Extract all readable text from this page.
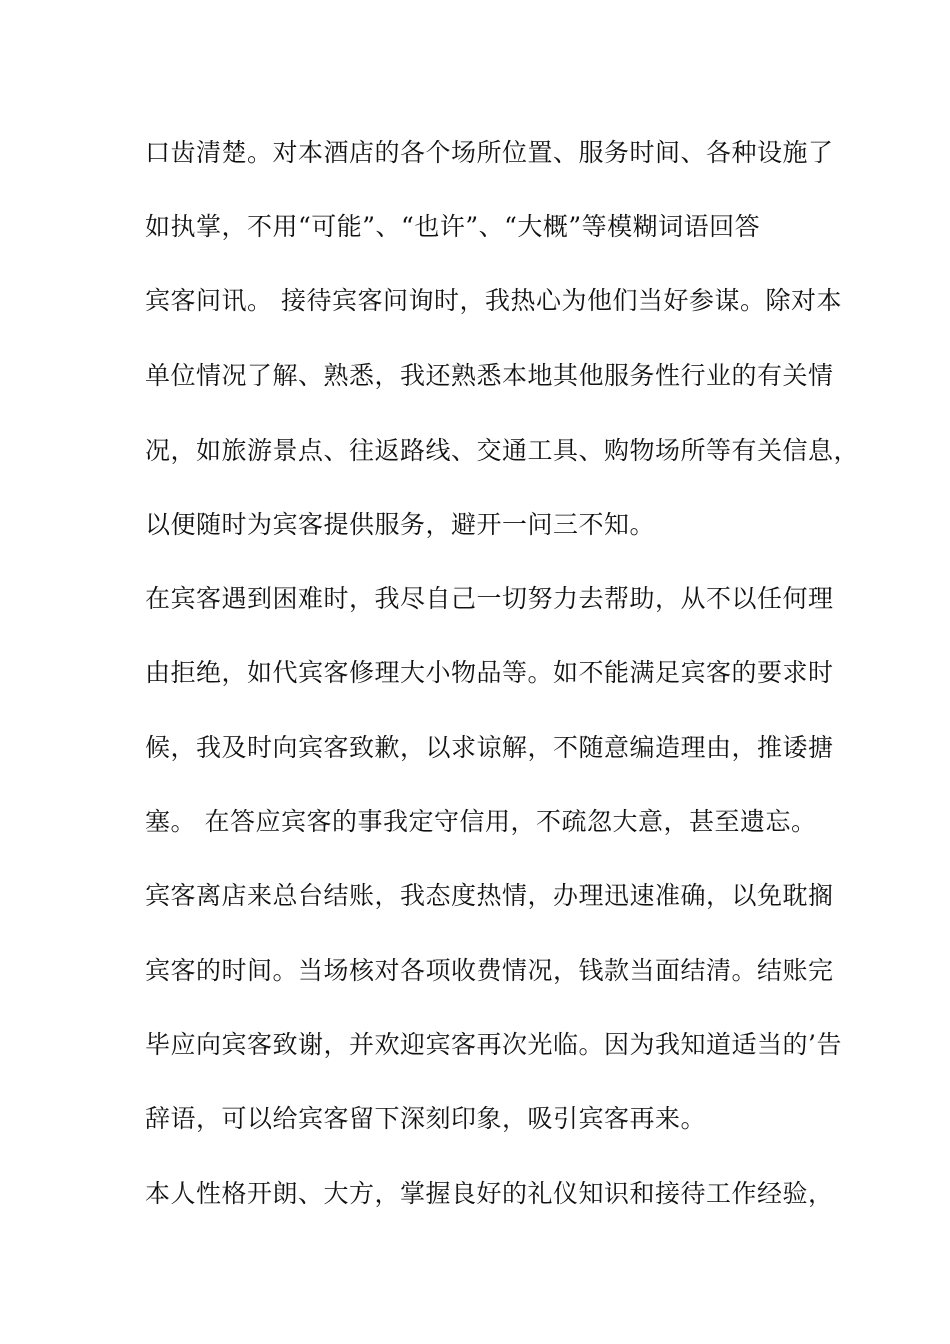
口齿清楚。对本酒店的各个场所位置、服务时间、各种设施了
如执掌，不用“可能”、“也许”、“大概”等模糊词语回答
宾客问讯。 接待宾客问询时，我热心为他们当好参谋。除对本
单位情况了解、熟悉，我还熟悉本地其他服务性行业的有关情
况，如旅游景点、往返路线、交通工具、购物场所等有关信息，
以便随时为宾客提供服务，避开一问三不知。
在宾客遇到困难时，我尽自己一切努力去帮助，从不以任何理
由拒绝，如代宾客修理大小物品等。如不能满足宾客的要求时
候，我及时向宾客致歉，以求谅解，不随意编造理由，推诿搪
塞。 在答应宾客的事我定守信用，不疏忽大意，甚至遗忘。
宾客离店来总台结账，我态度热情，办理迅速准确，以免耽搁
宾客的时间。当场核对各项收费情况，钱款当面结清。结账完
毕应向宾客致谢，并欢迎宾客再次光临。因为我知道适当的’告
辞语，可以给宾客留下深刻印象，吸引宾客再来。
本人性格开朗、大方，掌握良好的礼仪知识和接待工作经验，
